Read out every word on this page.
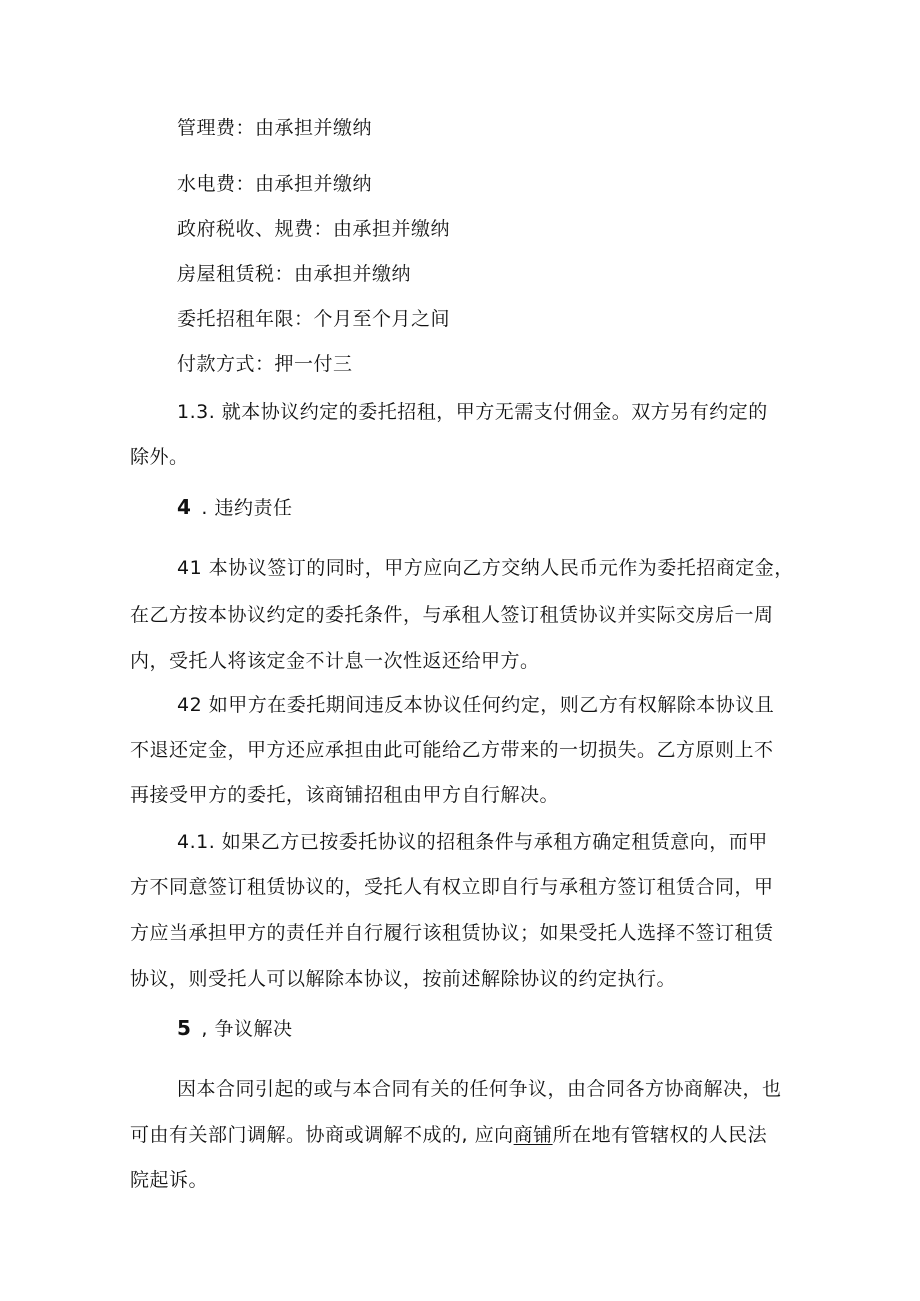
管理费：由承担并缴纳
水电费：由承担并缴纳
政府税收、规费：由承担并缴纳
房屋租赁税：由承担并缴纳
委托招租年限：个月至个月之间
付款方式：押一付三
1.3. 就本协议约定的委托招租，甲方无需支付佣金。双方另有约定的
除外。
4 . 违约责任
41 本协议签订的同时，甲方应向乙方交纳人民币元作为委托招商定金，
在乙方按本协议约定的委托条件，与承租人签订租赁协议并实际交房后一周
内，受托人将该定金不计息一次性返还给甲方。
42 如甲方在委托期间违反本协议任何约定，则乙方有权解除本协议且
不退还定金，甲方还应承担由此可能给乙方带来的一切损失。乙方原则上不
再接受甲方的委托，该商铺招租由甲方自行解决。
4.1. 如果乙方已按委托协议的招租条件与承租方确定租赁意向，而甲
方不同意签订租赁协议的，受托人有权立即自行与承租方签订租赁合同，甲
方应当承担甲方的责任并自行履行该租赁协议；如果受托人选择不签订租赁
协议，则受托人可以解除本协议，按前述解除协议的约定执行。
5 , 争议解决
因本合同引起的或与本合同有关的任何争议，由合同各方协商解决，也
可由有关部门调解。协商或调解不成的, 应向商铺所在地有管辖权的人民法
院起诉。
